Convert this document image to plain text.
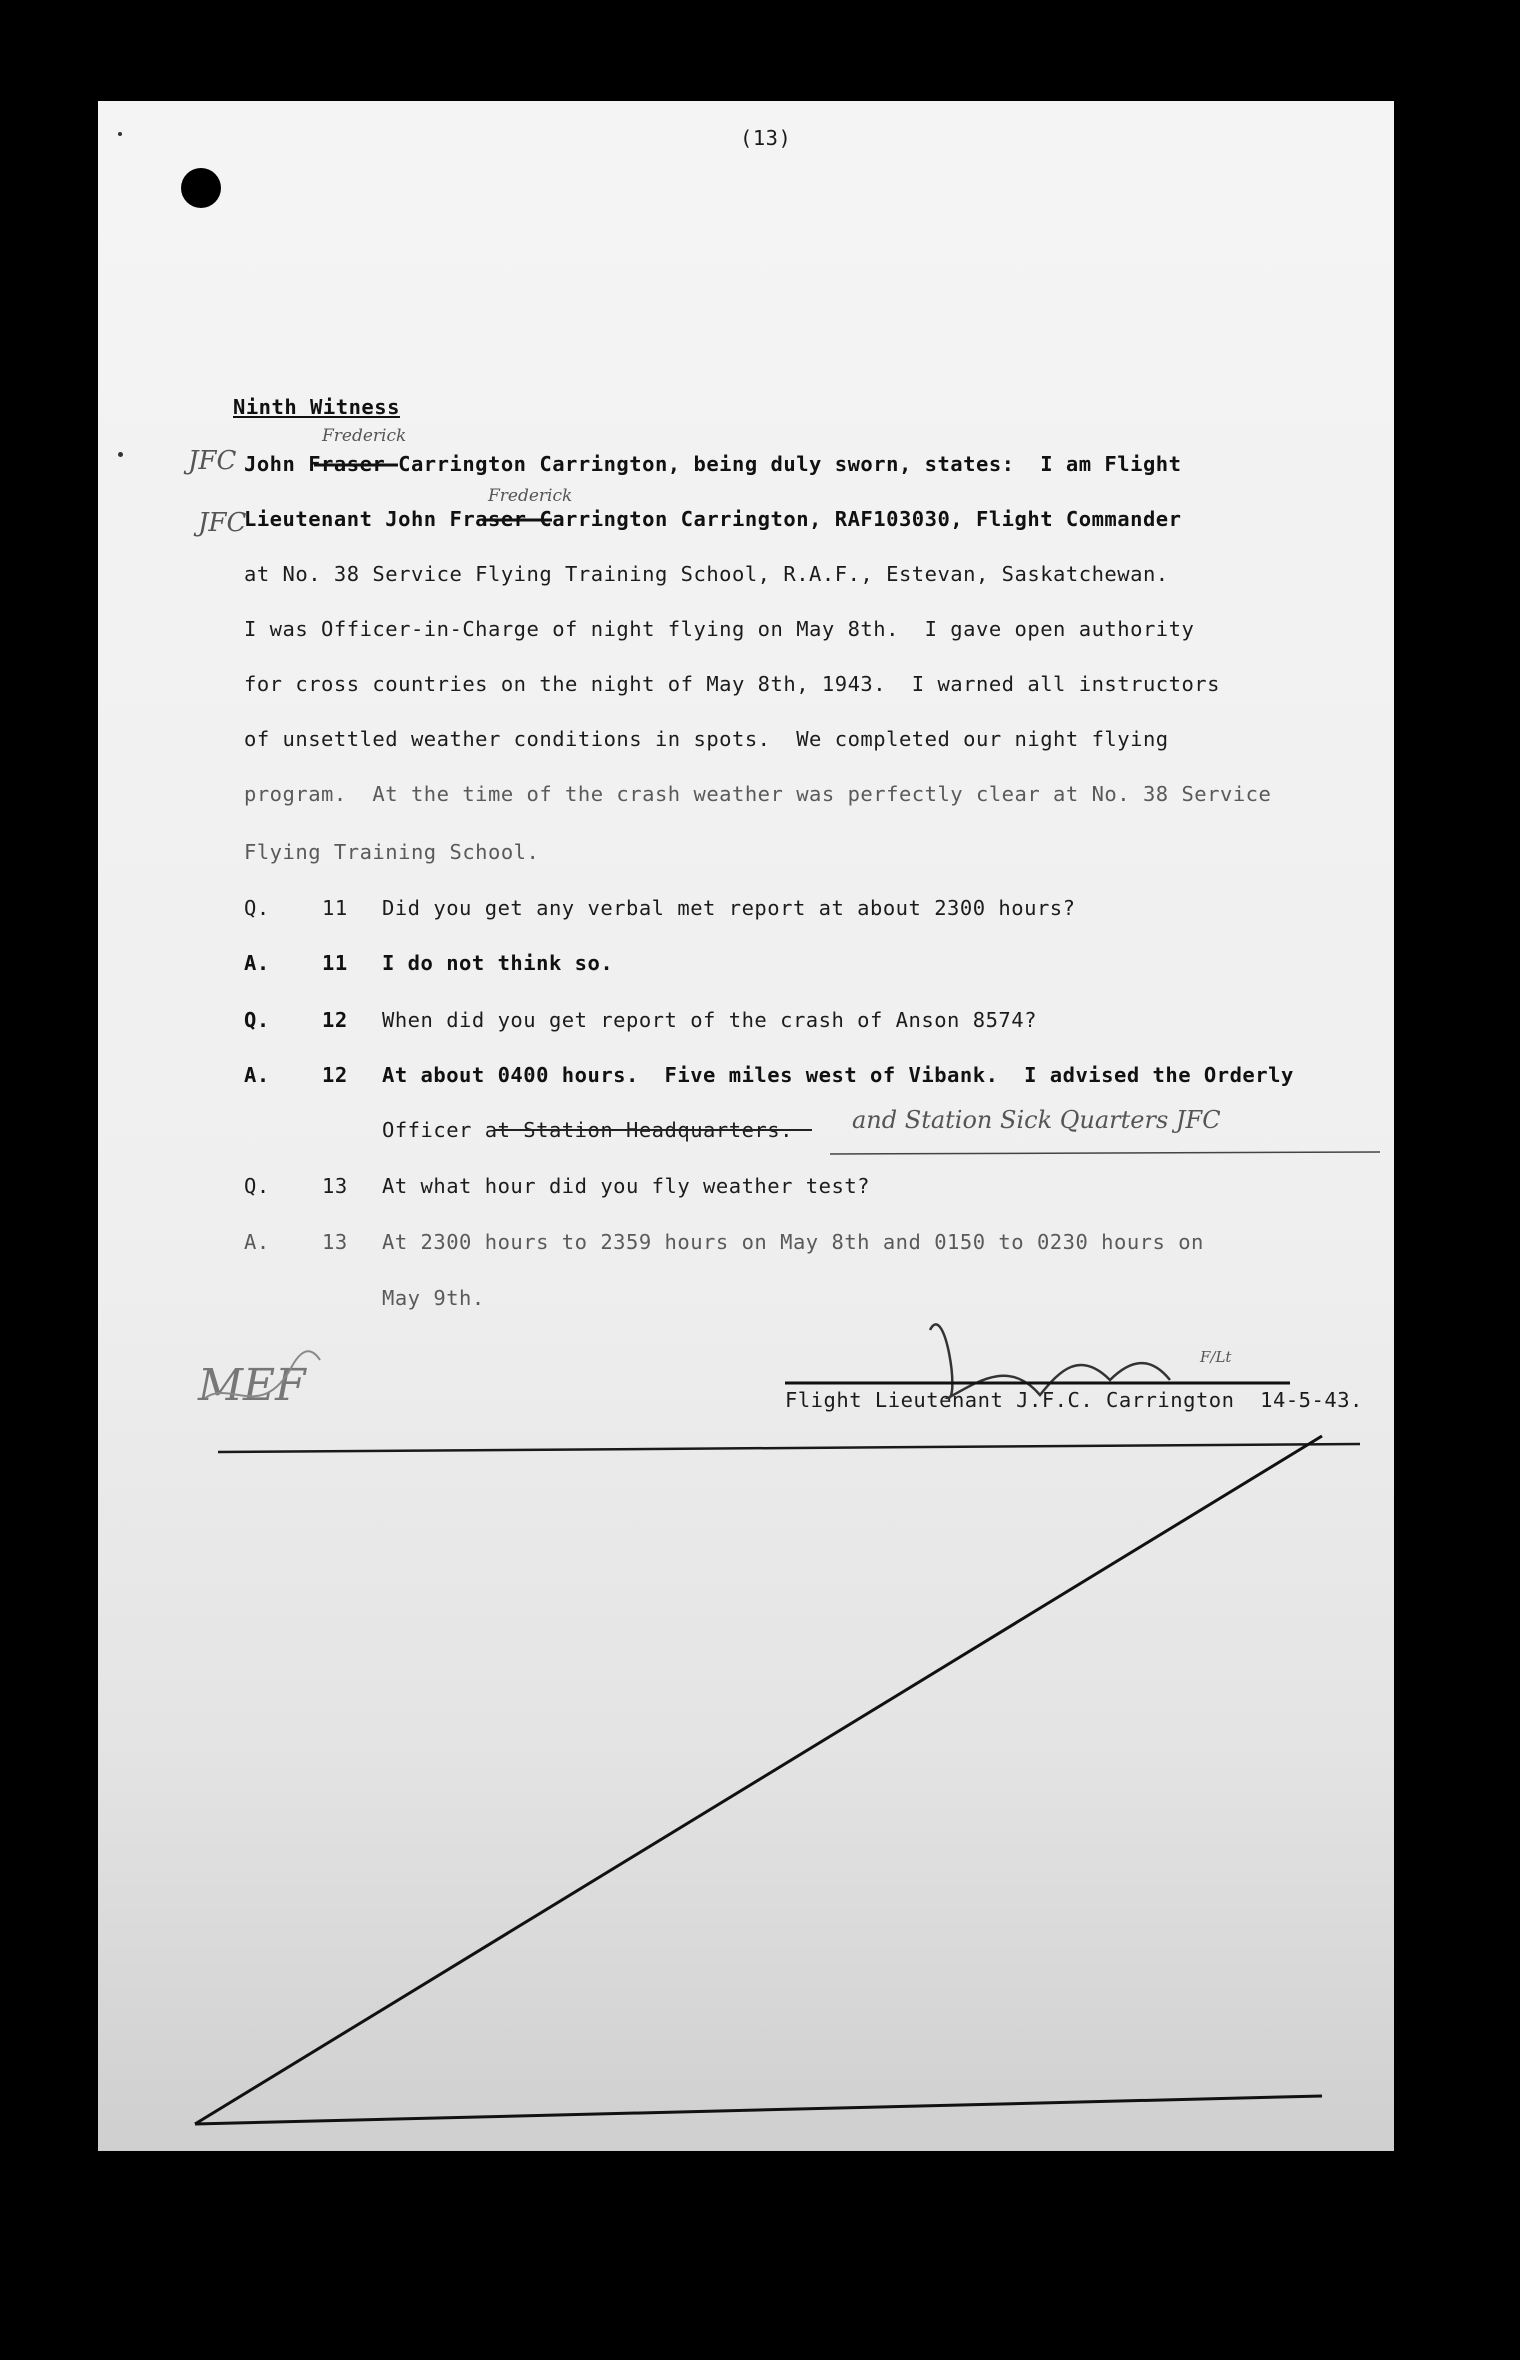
(13)
Ninth Witness
JFC
JFC
Frederick
Frederick
John Fraser Carrington Carrington, being duly sworn, states:  I am Flight
Lieutenant John Fraser Carrington Carrington, RAF103030, Flight Commander
at No. 38 Service Flying Training School, R.A.F., Estevan, Saskatchewan.
I was Officer-in-Charge of night flying on May 8th.  I gave open authority
for cross countries on the night of May 8th, 1943.  I warned all instructors
of unsettled weather conditions in spots.  We completed our night flying
program.  At the time of the crash weather was perfectly clear at No. 38 Service
Flying Training School.
Q.	11 Did you get any verbal met report at about 2300 hours?
A.	11 I do not think so.
Q.	12 When did you get report of the crash of Anson 8574?
A.	12 At about 0400 hours.  Five miles west of Vibank.  I advised the Orderly
Officer at Station Headquarters. and Station Sick Quarters JFC
Q.	13 At what hour did you fly weather test?
A.	13 At 2300 hours to 2359 hours on May 8th and 0150 to 0230 hours on
May 9th.
MEF
F/Lt
Flight Lieutenant J.F.C. Carrington  14-5-43.
